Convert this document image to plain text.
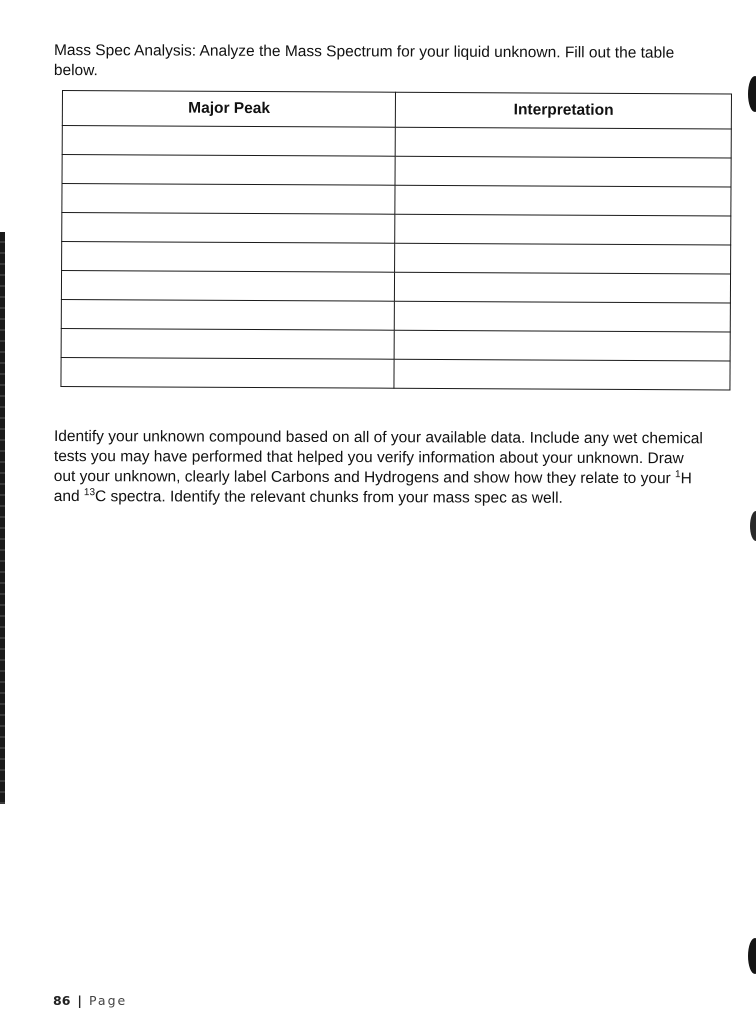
Mass Spec Analysis: Analyze the Mass Spectrum for your liquid unknown. Fill out the table below.

Major Peak	Interpretation

Identify your unknown compound based on all of your available data. Include any wet chemical tests you may have performed that helped you verify information about your unknown. Draw out your unknown, clearly label Carbons and Hydrogens and show how they relate to your $^1$H and $^{13}$C spectra. Identify the relevant chunks from your mass spec as well.

86 | Page
